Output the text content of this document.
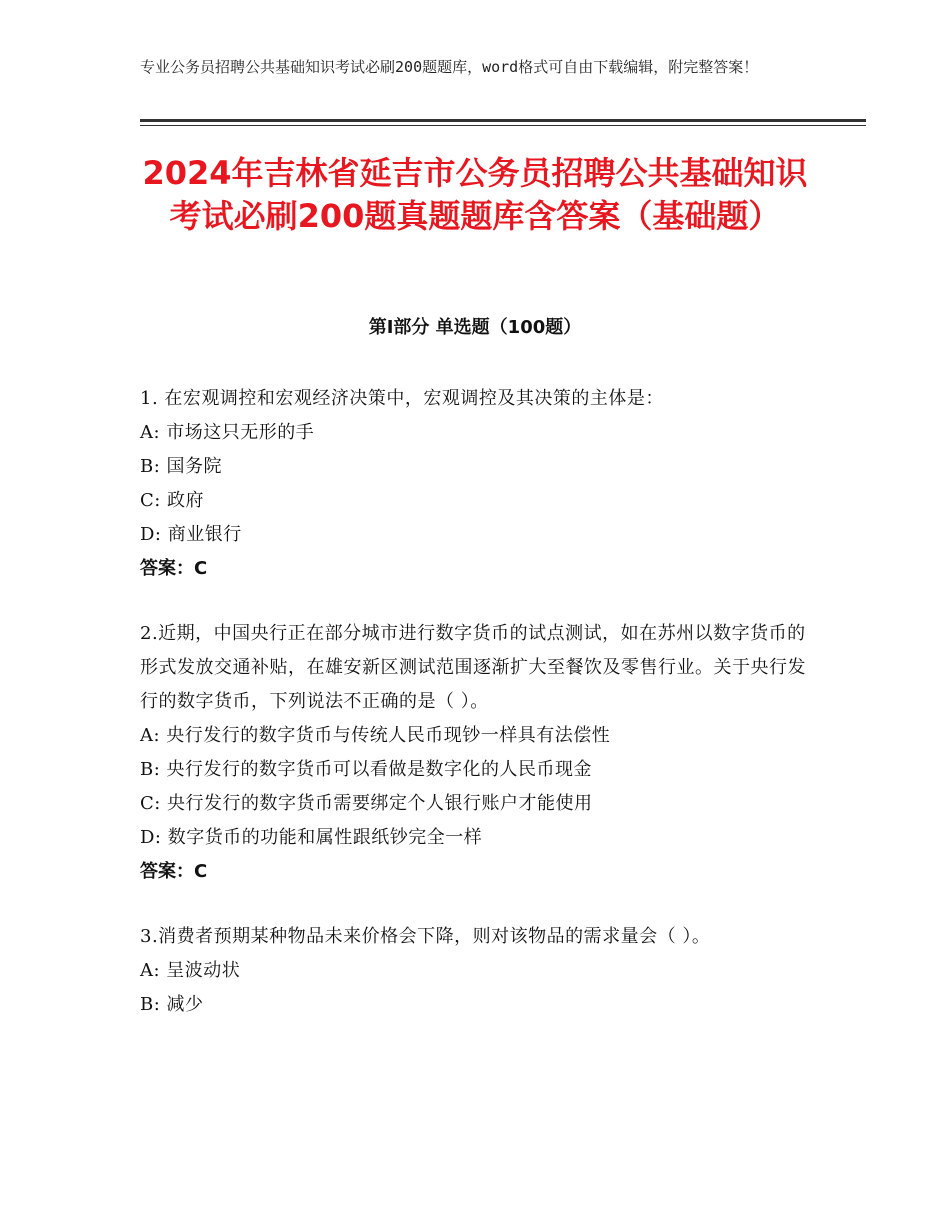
专业公务员招聘公共基础知识考试必刷200题题库，word格式可自由下载编辑，附完整答案！
2024年吉林省延吉市公务员招聘公共基础知识考试必刷200题真题题库含答案（基础题）
第Ⅰ部分 单选题（100题）
1. 在宏观调控和宏观经济决策中，宏观调控及其决策的主体是：
A: 市场这只无形的手
B: 国务院
C: 政府
D: 商业银行
答案：C
2.近期，中国央行正在部分城市进行数字货币的试点测试，如在苏州以数字货币的形式发放交通补贴，在雄安新区测试范围逐渐扩大至餐饮及零售行业。关于央行发行的数字货币，下列说法不正确的是（ ）。
A: 央行发行的数字货币与传统人民币现钞一样具有法偿性
B: 央行发行的数字货币可以看做是数字化的人民币现金
C: 央行发行的数字货币需要绑定个人银行账户才能使用
D: 数字货币的功能和属性跟纸钞完全一样
答案：C
3.消费者预期某种物品未来价格会下降，则对该物品的需求量会（ ）。
A: 呈波动状
B: 减少
